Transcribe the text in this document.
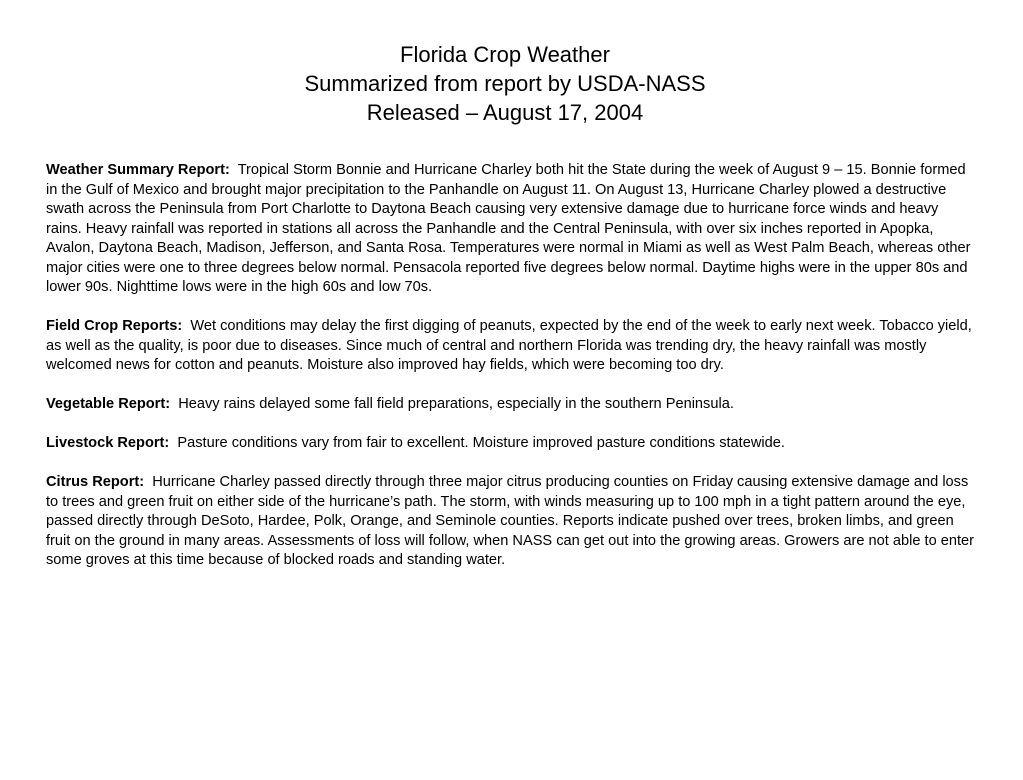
Florida Crop Weather
Summarized from report by USDA-NASS
Released – August 17, 2004

Weather Summary Report: Tropical Storm Bonnie and Hurricane Charley both hit the State during the week of August 9 – 15. Bonnie formed in the Gulf of Mexico and brought major precipitation to the Panhandle on August 11. On August 13, Hurricane Charley plowed a destructive swath across the Peninsula from Port Charlotte to Daytona Beach causing very extensive damage due to hurricane force winds and heavy rains. Heavy rainfall was reported in stations all across the Panhandle and the Central Peninsula, with over six inches reported in Apopka, Avalon, Daytona Beach, Madison, Jefferson, and Santa Rosa. Temperatures were normal in Miami as well as West Palm Beach, whereas other major cities were one to three degrees below normal. Pensacola reported five degrees below normal. Daytime highs were in the upper 80s and lower 90s. Nighttime lows were in the high 60s and low 70s.

Field Crop Reports: Wet conditions may delay the first digging of peanuts, expected by the end of the week to early next week. Tobacco yield, as well as the quality, is poor due to diseases. Since much of central and northern Florida was trending dry, the heavy rainfall was mostly welcomed news for cotton and peanuts. Moisture also improved hay fields, which were becoming too dry.

Vegetable Report: Heavy rains delayed some fall field preparations, especially in the southern Peninsula.

Livestock Report: Pasture conditions vary from fair to excellent. Moisture improved pasture conditions statewide.

Citrus Report: Hurricane Charley passed directly through three major citrus producing counties on Friday causing extensive damage and loss to trees and green fruit on either side of the hurricane’s path. The storm, with winds measuring up to 100 mph in a tight pattern around the eye, passed directly through DeSoto, Hardee, Polk, Orange, and Seminole counties. Reports indicate pushed over trees, broken limbs, and green fruit on the ground in many areas. Assessments of loss will follow, when NASS can get out into the growing areas. Growers are not able to enter some groves at this time because of blocked roads and standing water.
